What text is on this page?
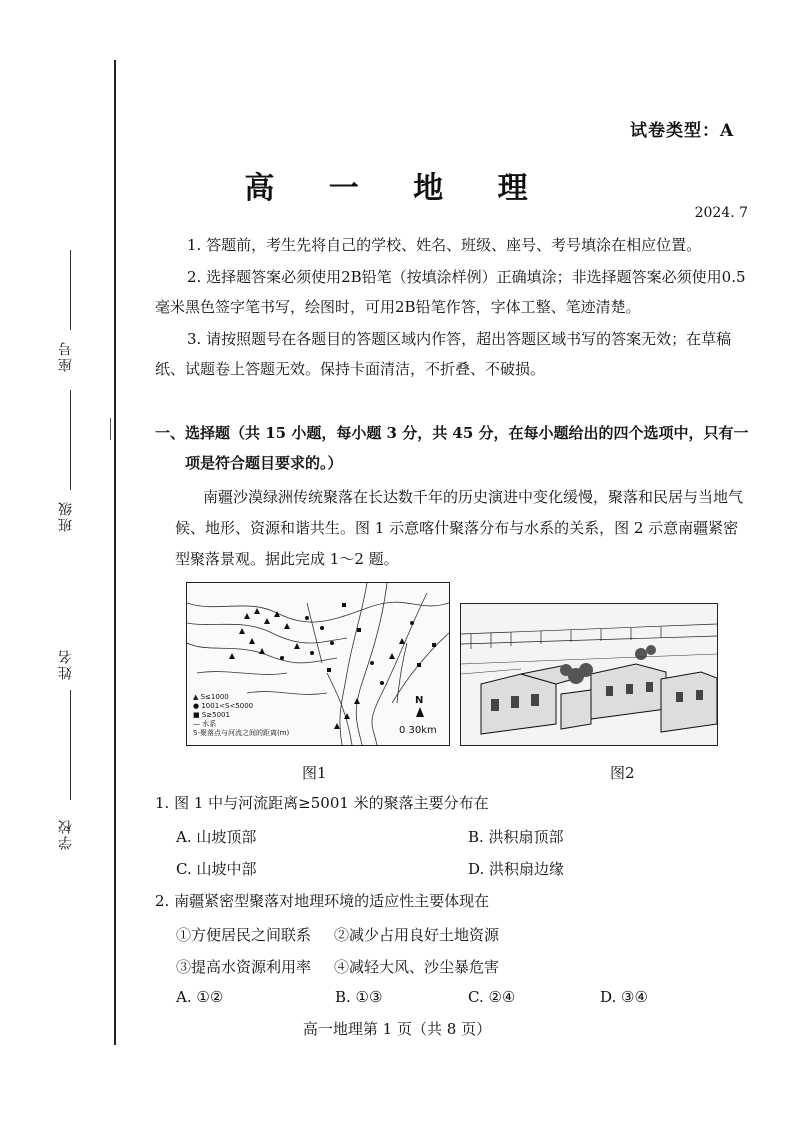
座号
班级
姓名
学校
试卷类型：A
高 一 地 理
2024. 7
1. 答题前，考生先将自己的学校、姓名、班级、座号、考号填涂在相应位置。
2. 选择题答案必须使用2B铅笔（按填涂样例）正确填涂；非选择题答案必须使用0.5毫米黑色签字笔书写，绘图时，可用2B铅笔作答，字体工整、笔迹清楚。
3. 请按照题号在各题目的答题区域内作答，超出答题区域书写的答案无效；在草稿纸、试题卷上答题无效。保持卡面清洁，不折叠、不破损。
一、选择题（共 15 小题，每小题 3 分，共 45 分，在每小题给出的四个选项中，只有一
项是符合题目要求的。）
南疆沙漠绿洲传统聚落在长达数千年的历史演进中变化缓慢，聚落和民居与当地气候、地形、资源和谐共生。图 1 示意喀什聚落分布与水系的关系，图 2 示意南疆紧密型聚落景观。据此完成 1～2 题。
▲ S≤1000
● 1001<S<5000
■ S≥5001
— 水系
S-聚落点与河流之间的距离(m)
N
0 30km
图1	图2
1. 图 1 中与河流距离≥5001 米的聚落主要分布在
A. 山坡顶部	B. 洪积扇顶部
C. 山坡中部	D. 洪积扇边缘
2. 南疆紧密型聚落对地理环境的适应性主要体现在
①方便居民之间联系 ②减少占用良好土地资源
③提高水资源利用率 ④减轻大风、沙尘暴危害
A. ①②	B. ①③	C. ②④	D. ③④
高一地理第 1 页（共 8 页）
